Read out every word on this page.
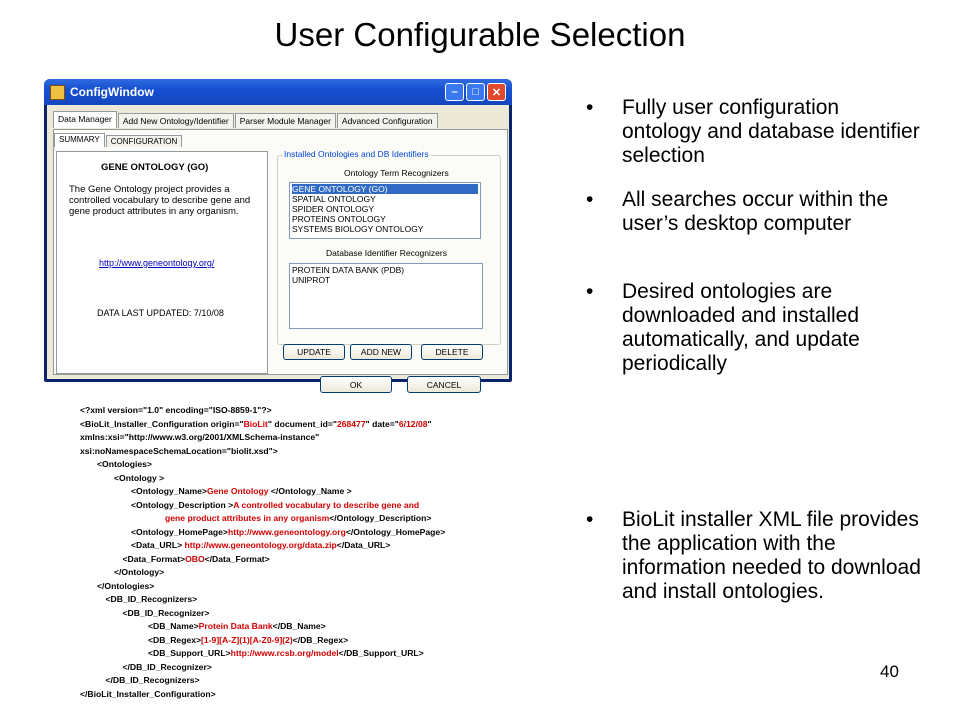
User Configurable Selection
ConfigWindow	–	□	✕
Data Manager	Add New Ontology/Identifier	Parser Module Manager	Advanced Configuration
GENE ONTOLOGY (GO)
The Gene Ontology project provides a controlled vocabulary to describe gene and gene product attributes in any organism.
http://www.geneontology.org/
DATA LAST UPDATED: 7/10/08
SUMMARY	CONFIGURATION
Installed Ontologies and DB Identifiers
Ontology Term Recognizers
GENE ONTOLOGY (GO)
SPATIAL ONTOLOGY
SPIDER ONTOLOGY
PROTEINS ONTOLOGY
SYSTEMS BIOLOGY ONTOLOGY
Database Identifier Recognizers
PROTEIN DATA BANK (PDB)
UNIPROT
UPDATE	ADD NEW	DELETE
OK	CANCEL
<?xml version="1.0" encoding="ISO-8859-1"?>
<BioLit_Installer_Configuration origin="BioLit" document_id="268477" date="6/12/08"
xmlns:xsi="http://www.w3.org/2001/XMLSchema-instance"
xsi:noNamespaceSchemaLocation="biolit.xsd">
<Ontologies>
<Ontology >
<Ontology_Name>Gene Ontology </Ontology_Name >
<Ontology_Description >A controlled vocabulary to describe gene and
gene product attributes in any organism</Ontology_Description>
<Ontology_HomePage>http://www.geneontology.org</Ontology_HomePage>
<Data_URL> http://www.geneontology.org/data.zip</Data_URL>
<Data_Format>OBO</Data_Format>
</Ontology>
</Ontologies>
<DB_ID_Recognizers>
<DB_ID_Recognizer>
<DB_Name>Protein Data Bank</DB_Name>
<DB_Regex>[1-9][A-Z](1)[A-Z0-9](2)</DB_Regex>
<DB_Support_URL>http://www.rcsb.org/model</DB_Support_URL>
</DB_ID_Recognizer>
</DB_ID_Recognizers>
</BioLit_Installer_Configuration>
•	Fully user configuration ontology and database identifier selection
•	All searches occur within the user’s desktop computer
•	Desired ontologies are downloaded and installed automatically, and update periodically
•	BioLit installer XML file provides the application with the information needed to download and install ontologies.
40
